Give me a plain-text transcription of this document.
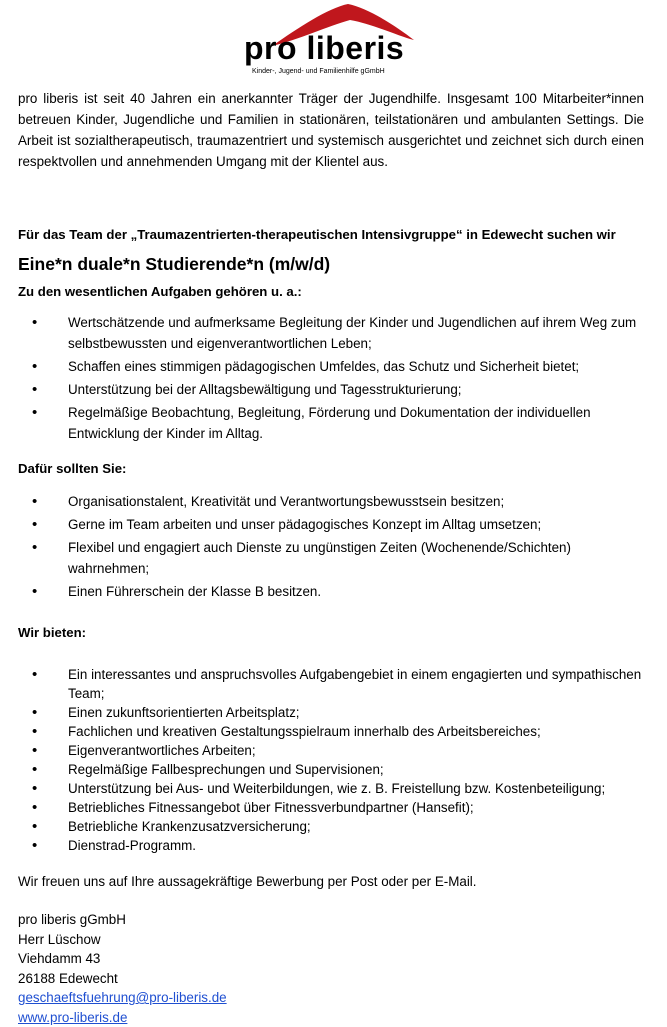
pro liberis
Kinder-, Jugend- und Familienhilfe gGmbH

pro liberis ist seit 40 Jahren ein anerkannter Träger der Jugendhilfe. Insgesamt 100 Mitarbeiter*innen betreuen Kinder, Jugendliche und Familien in stationären, teilstationären und ambulanten Settings. Die Arbeit ist sozialtherapeutisch, traumazentriert und systemisch ausgerichtet und zeichnet sich durch einen respektvollen und annehmenden Umgang mit der Klientel aus.

Für das Team der „Traumazentrierten-therapeutischen Intensivgruppe“ in Edewecht suchen wir

Eine*n duale*n Studierende*n (m/w/d)

Zu den wesentlichen Aufgaben gehören u. a.:

• Wertschätzende und aufmerksame Begleitung der Kinder und Jugendlichen auf ihrem Weg zum selbstbewussten und eigenverantwortlichen Leben;
• Schaffen eines stimmigen pädagogischen Umfeldes, das Schutz und Sicherheit bietet;
• Unterstützung bei der Alltagsbewältigung und Tagesstrukturierung;
• Regelmäßige Beobachtung, Begleitung, Förderung und Dokumentation der individuellen Entwicklung der Kinder im Alltag.

Dafür sollten Sie:

• Organisationstalent, Kreativität und Verantwortungsbewusstsein besitzen;
• Gerne im Team arbeiten und unser pädagogisches Konzept im Alltag umsetzen;
• Flexibel und engagiert auch Dienste zu ungünstigen Zeiten (Wochenende/Schichten) wahrnehmen;
• Einen Führerschein der Klasse B besitzen.

Wir bieten:

• Ein interessantes und anspruchsvolles Aufgabengebiet in einem engagierten und sympathischen Team;
• Einen zukunftsorientierten Arbeitsplatz;
• Fachlichen und kreativen Gestaltungsspielraum innerhalb des Arbeitsbereiches;
• Eigenverantwortliches Arbeiten;
• Regelmäßige Fallbesprechungen und Supervisionen;
• Unterstützung bei Aus- und Weiterbildungen, wie z. B. Freistellung bzw. Kostenbeteiligung;
• Betriebliches Fitnessangebot über Fitnessverbundpartner (Hansefit);
• Betriebliche Krankenzusatzversicherung;
• Dienstrad-Programm.

Wir freuen uns auf Ihre aussagekräftige Bewerbung per Post oder per E-Mail.

pro liberis gGmbH
Herr Lüschow
Viehdamm 43
26188 Edewecht
geschaeftsfuehrung@pro-liberis.de
www.pro-liberis.de
